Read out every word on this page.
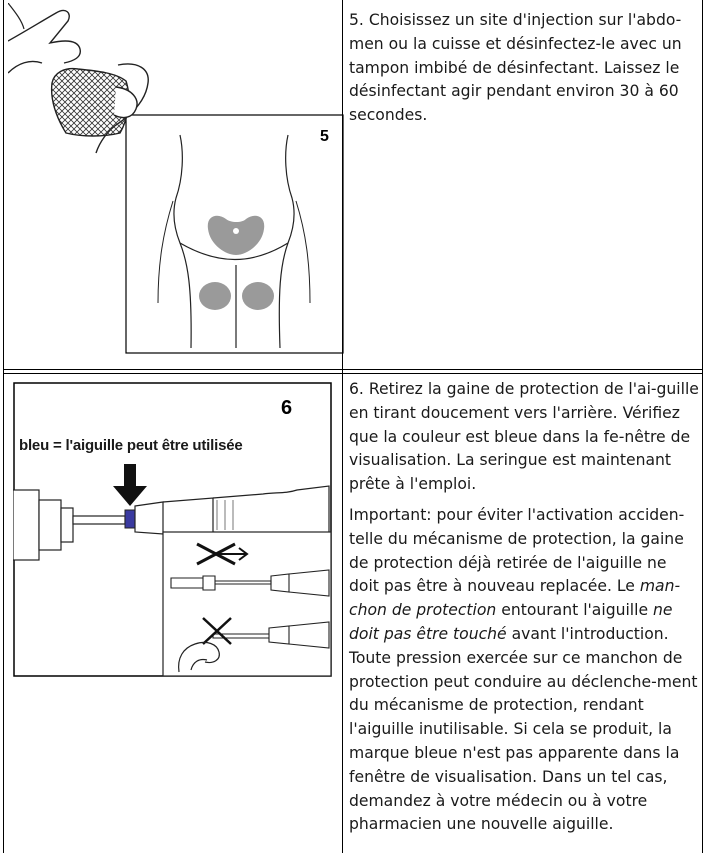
5

5. Choisissez un site d'injection sur l'abdo-men ou la cuisse et désinfectez-le avec un tampon imbibé de désinfectant. Laissez le désinfectant agir pendant environ 30 à 60 secondes.

6
bleu = l'aiguille peut être utilisée

6. Retirez la gaine de protection de l'ai-guille en tirant doucement vers l'arrière. Vérifiez que la couleur est bleue dans la fe-nêtre de visualisation. La seringue est maintenant prête à l'emploi.

Important: pour éviter l'activation acciden-telle du mécanisme de protection, la gaine de protection déjà retirée de l'aiguille ne doit pas être à nouveau replacée. Le man-chon de protection entourant l'aiguille ne doit pas être touché avant l'introduction. Toute pression exercée sur ce manchon de protection peut conduire au déclenche-ment du mécanisme de protection, rendant l'aiguille inutilisable. Si cela se produit, la marque bleue n'est pas apparente dans la fenêtre de visualisation. Dans un tel cas, demandez à votre médecin ou à votre pharmacien une nouvelle aiguille.
